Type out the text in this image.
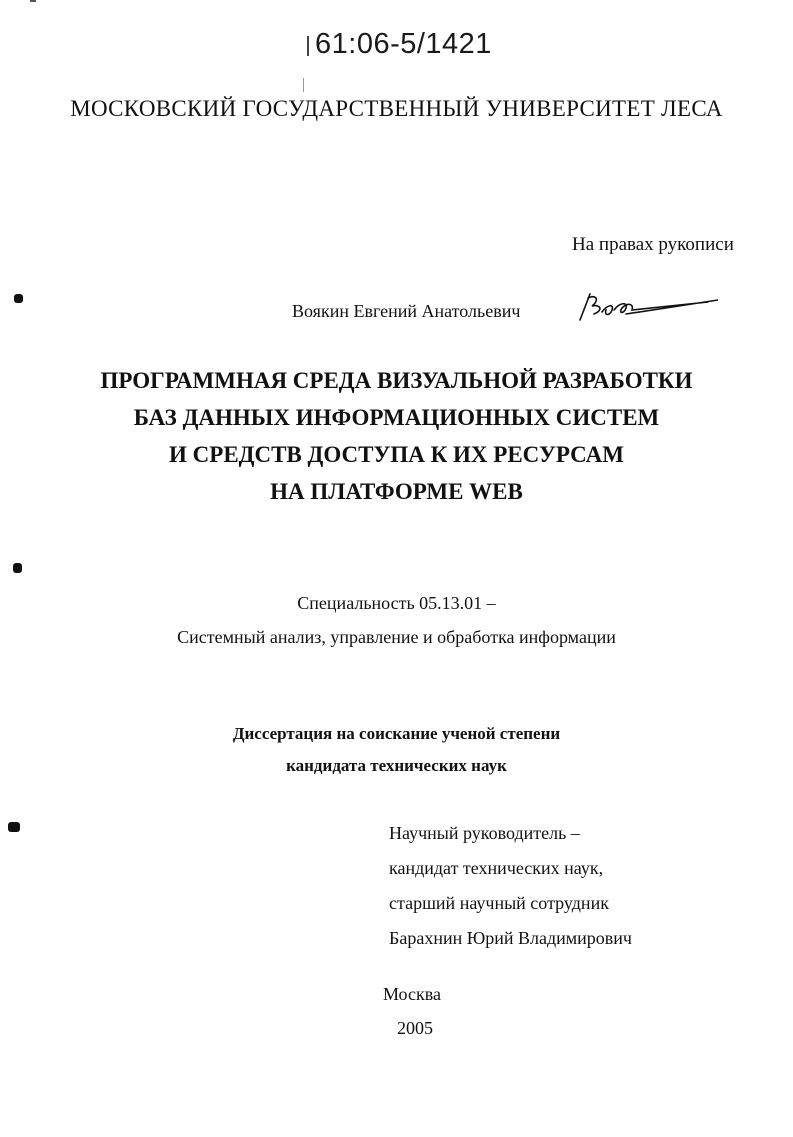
61:06-5/1421
МОСКОВСКИЙ ГОСУДАРСТВЕННЫЙ УНИВЕРСИТЕТ ЛЕСА
На правах рукописи
Воякин Евгений Анатольевич
ПРОГРАММНАЯ СРЕДА ВИЗУАЛЬНОЙ РАЗРАБОТКИ
БАЗ ДАННЫХ ИНФОРМАЦИОННЫХ СИСТЕМ
И СРЕДСТВ ДОСТУПА К ИХ РЕСУРСАМ
НА ПЛАТФОРМЕ WEB
Специальность 05.13.01 –
Системный анализ, управление и обработка информации
Диссертация на соискание ученой степени
кандидата технических наук
Научный руководитель –
кандидат технических наук,
старший научный сотрудник
Барахнин Юрий Владимирович
Москва
2005
